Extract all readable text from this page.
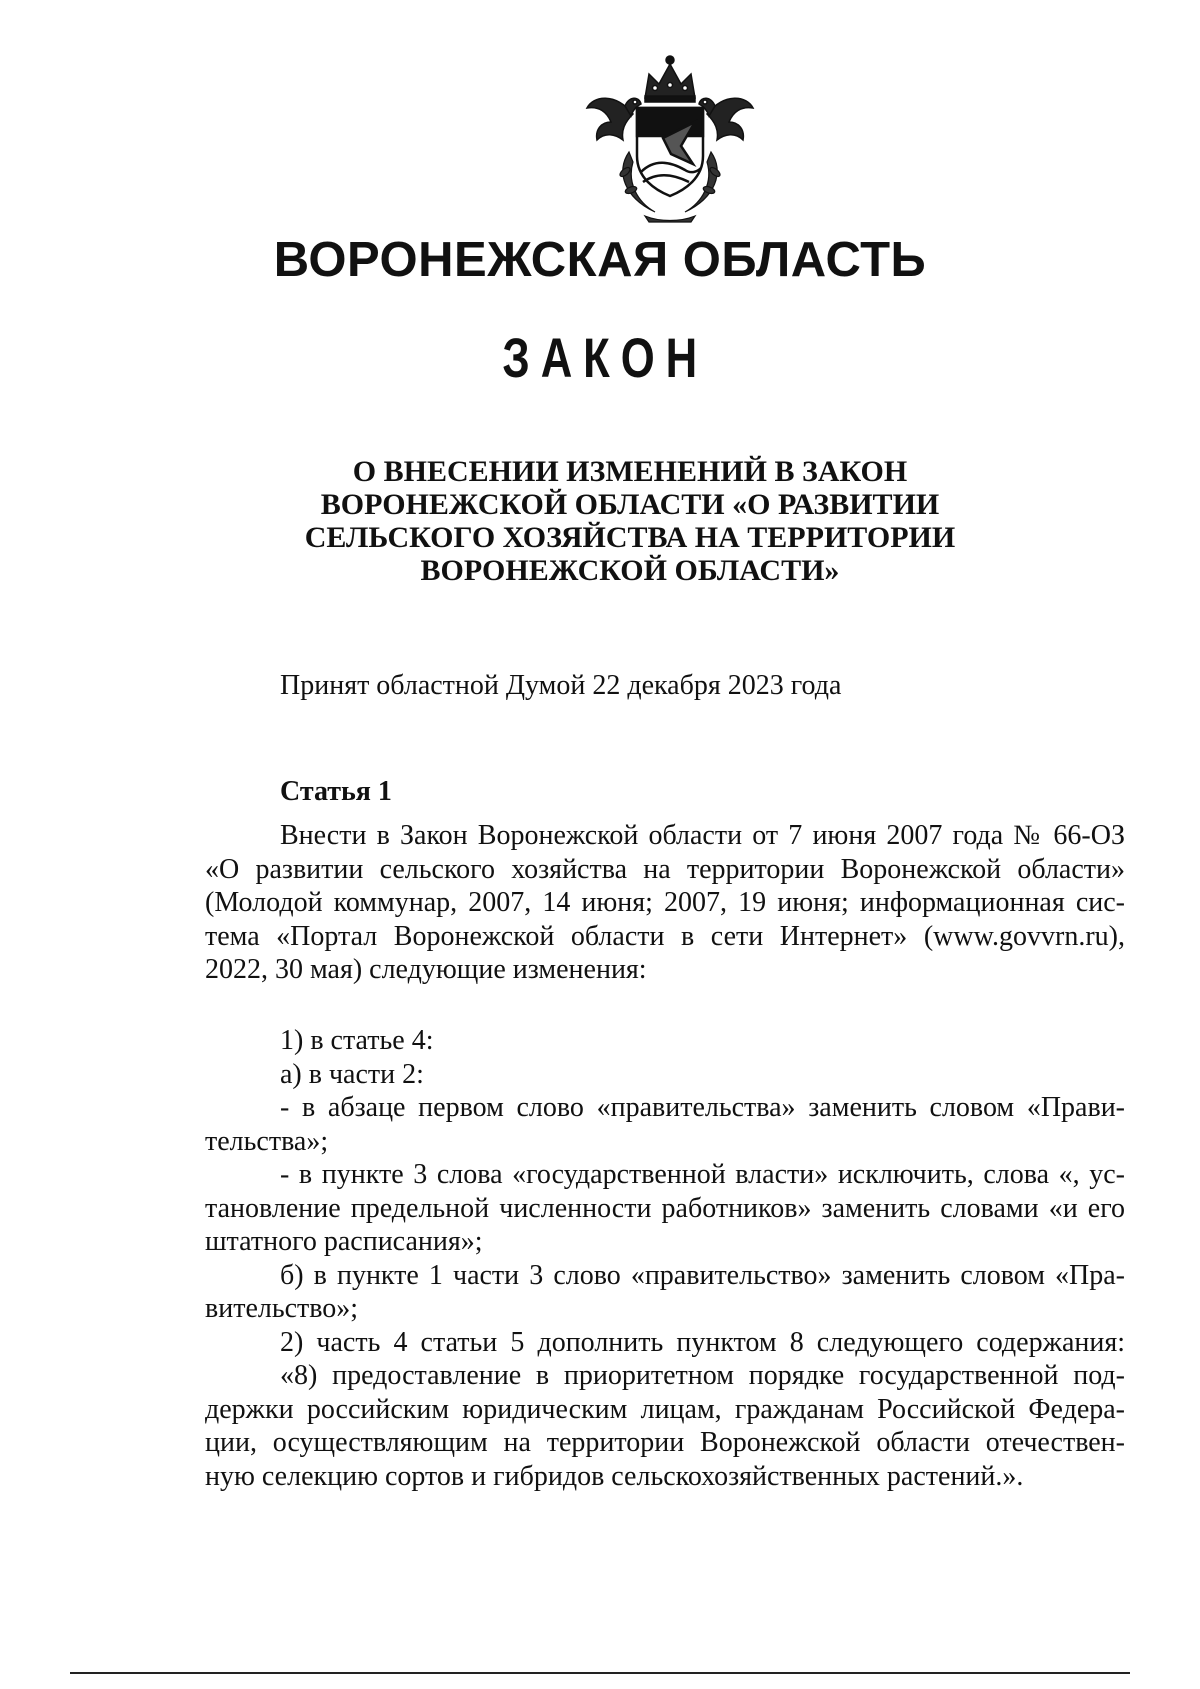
ВОРОНЕЖСКАЯ ОБЛАСТЬ
ЗАКОН
О ВНЕСЕНИИ ИЗМЕНЕНИЙ В ЗАКОН
ВОРОНЕЖСКОЙ ОБЛАСТИ «О РАЗВИТИИ
СЕЛЬСКОГО ХОЗЯЙСТВА НА ТЕРРИТОРИИ
ВОРОНЕЖСКОЙ ОБЛАСТИ»
Принят областной Думой 22 декабря 2023 года
Статья 1
Внести в Закон Воронежской области от 7 июня 2007 года № 66-ОЗ
«О развитии сельского хозяйства на территории Воронежской области»
(Молодой коммунар, 2007, 14 июня; 2007, 19 июня; информационная сис-
тема «Портал Воронежской области в сети Интернет» (www.govvrn.ru),
2022, 30 мая) следующие изменения:
1) в статье 4:
а) в части 2:
- в абзаце первом слово «правительства» заменить словом «Прави-
тельства»;
- в пункте 3 слова «государственной власти» исключить, слова «, ус-
тановление предельной численности работников» заменить словами «и его
штатного расписания»;
б) в пункте 1 части 3 слово «правительство» заменить словом «Пра-
вительство»;
2) часть 4 статьи 5 дополнить пунктом 8 следующего содержания:
«8) предоставление в приоритетном порядке государственной под-
держки российским юридическим лицам, гражданам Российской Федера-
ции, осуществляющим на территории Воронежской области отечествен-
ную селекцию сортов и гибридов сельскохозяйственных растений.».
